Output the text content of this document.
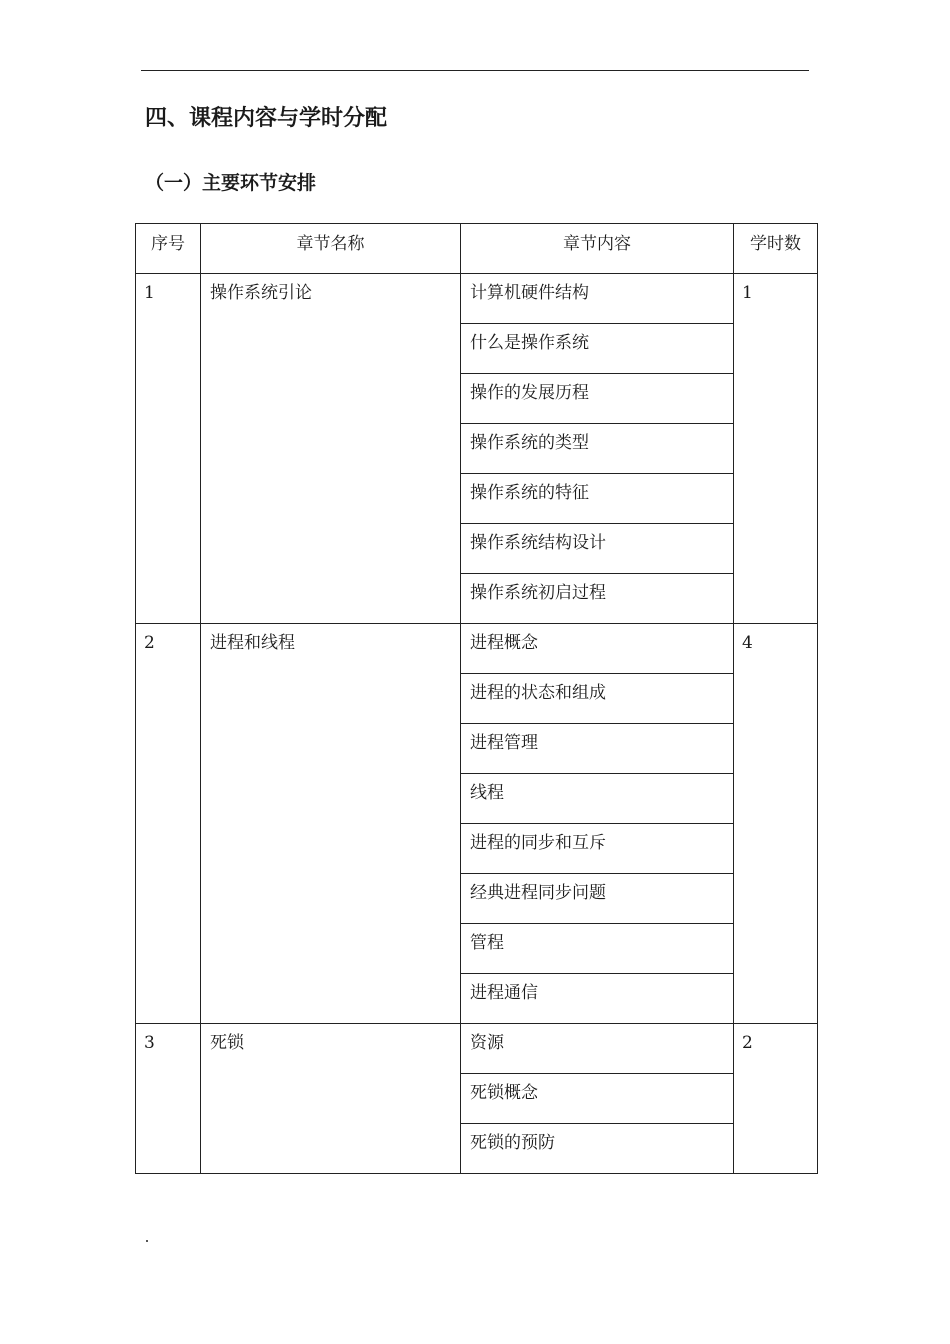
四、课程内容与学时分配
（一）主要环节安排
序号	章节名称	章节内容	学时数
1	操作系统引论	计算机硬件结构	1
		什么是操作系统	
		操作的发展历程	
		操作系统的类型	
		操作系统的特征	
		操作系统结构设计	
		操作系统初启过程	
2	进程和线程	进程概念	4
		进程的状态和组成	
		进程管理	
		线程	
		进程的同步和互斥	
		经典进程同步问题	
		管程	
		进程通信	
3	死锁	资源	2
		死锁概念	
		死锁的预防	
